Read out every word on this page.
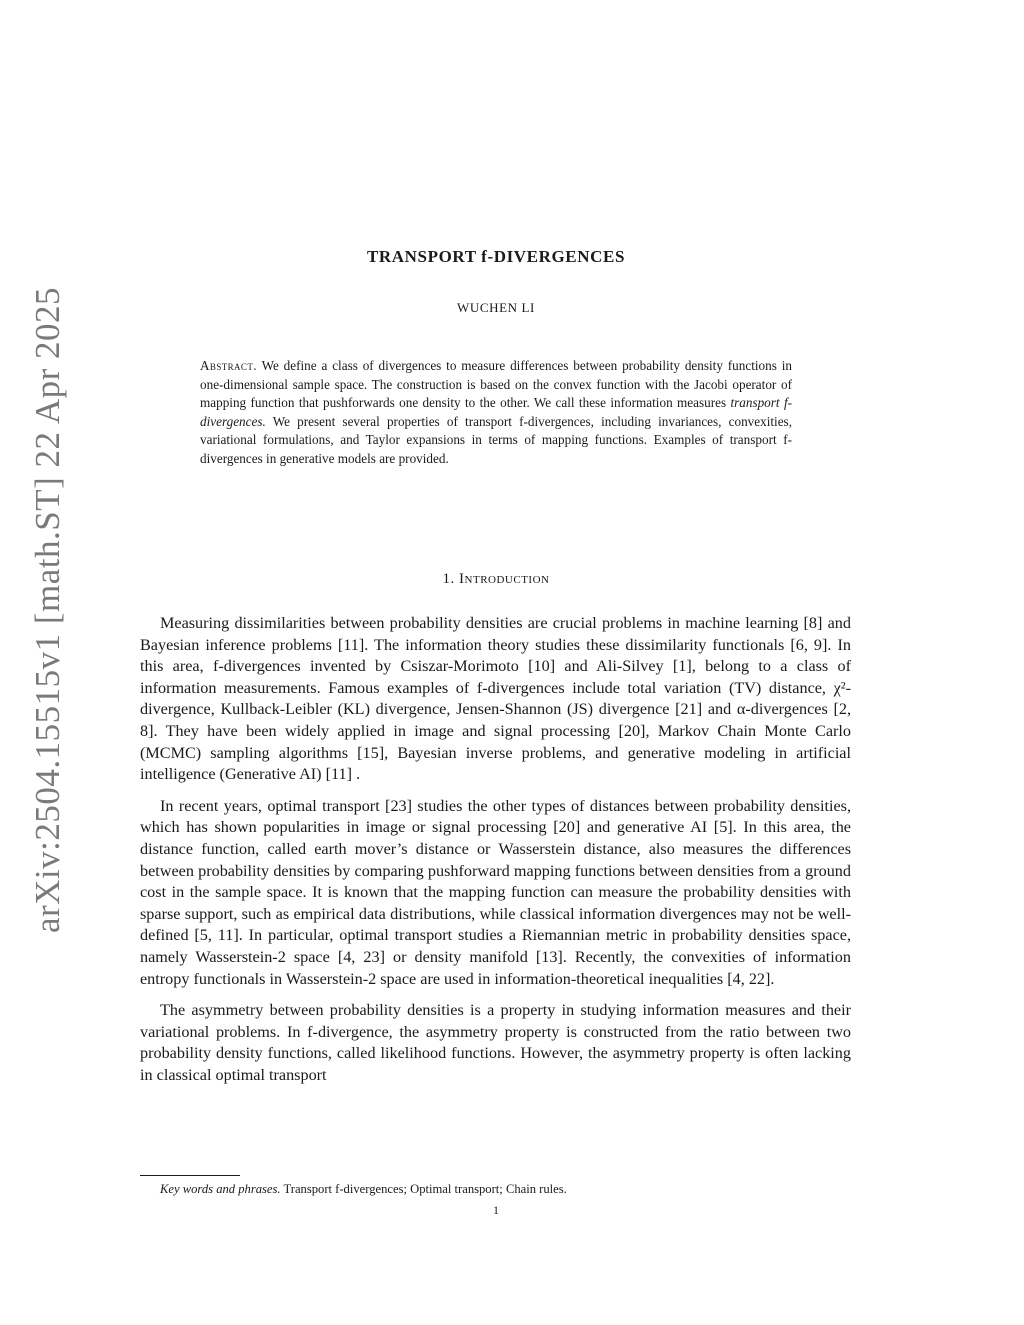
arXiv:2504.15515v1 [math.ST] 22 Apr 2025
TRANSPORT f-DIVERGENCES
WUCHEN LI
Abstract. We define a class of divergences to measure differences between probability density functions in one-dimensional sample space. The construction is based on the convex function with the Jacobi operator of mapping function that pushforwards one density to the other. We call these information measures transport f-divergences. We present several properties of transport f-divergences, including invariances, convexities, variational formulations, and Taylor expansions in terms of mapping functions. Examples of transport f-divergences in generative models are provided.
1. Introduction

Measuring dissimilarities between probability densities are crucial problems in machine learning [8] and Bayesian inference problems [11]. The information theory studies these dissimilarity functionals [6, 9]. In this area, f-divergences invented by Csiszar-Morimoto [10] and Ali-Silvey [1], belong to a class of information measurements. Famous examples of f-divergences include total variation (TV) distance, χ²-divergence, Kullback-Leibler (KL) divergence, Jensen-Shannon (JS) divergence [21] and α-divergences [2, 8]. They have been widely applied in image and signal processing [20], Markov Chain Monte Carlo (MCMC) sampling algorithms [15], Bayesian inverse problems, and generative modeling in artificial intelligence (Generative AI) [11] .

In recent years, optimal transport [23] studies the other types of distances between probability densities, which has shown popularities in image or signal processing [20] and generative AI [5]. In this area, the distance function, called earth mover’s distance or Wasserstein distance, also measures the differences between probability densities by comparing pushforward mapping functions between densities from a ground cost in the sample space. It is known that the mapping function can measure the probability densities with sparse support, such as empirical data distributions, while classical information divergences may not be well-defined [5, 11]. In particular, optimal transport studies a Riemannian metric in probability densities space, namely Wasserstein-2 space [4, 23] or density manifold [13]. Recently, the convexities of information entropy functionals in Wasserstein-2 space are used in information-theoretical inequalities [4, 22].

The asymmetry between probability densities is a property in studying information measures and their variational problems. In f-divergence, the asymmetry property is constructed from the ratio between two probability density functions, called likelihood functions. However, the asymmetry property is often lacking in classical optimal transport

Key words and phrases. Transport f-divergences; Optimal transport; Chain rules.
1
